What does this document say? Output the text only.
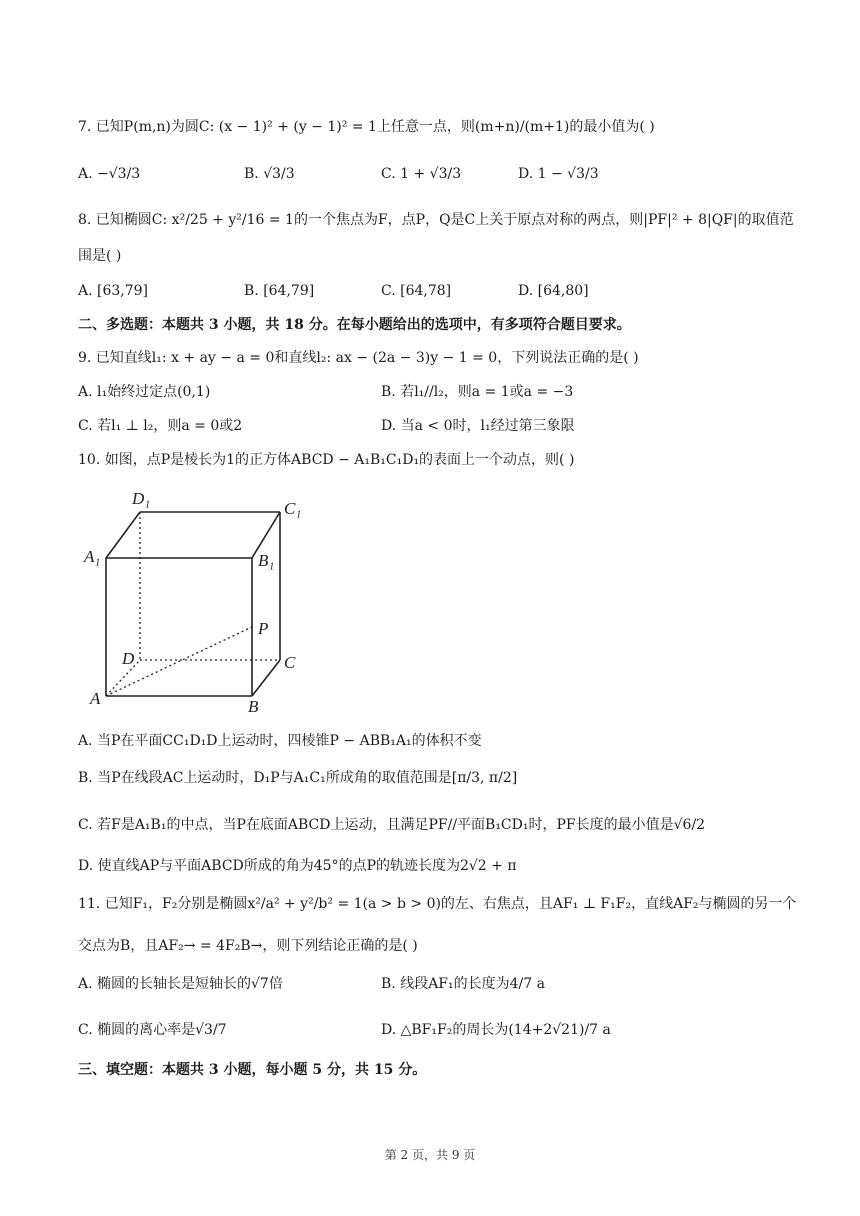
7. 已知P(m,n)为圆C: (x − 1)² + (y − 1)² = 1上任意一点，则(m+n)/(m+1)的最小值为( )
A. −√3/3	B. √3/3	C. 1 + √3/3	D. 1 − √3/3
8. 已知椭圆C: x²/25 + y²/16 = 1的一个焦点为F，点P，Q是C上关于原点对称的两点，则|PF|² + 8|QF|的取值范
围是( )
A. [63,79]	B. [64,79]	C. [64,78]	D. [64,80]
二、多选题：本题共 3 小题，共 18 分。在每小题给出的选项中，有多项符合题目要求。
9. 已知直线l₁: x + ay − a = 0和直线l₂: ax − (2a − 3)y − 1 = 0，下列说法正确的是( )
A. l₁始终过定点(0,1)	B. 若l₁//l₂，则a = 1或a = −3
C. 若l₁ ⊥ l₂，则a = 0或2	D. 当a < 0时，l₁经过第三象限
10. 如图，点P是棱长为1的正方体ABCD − A₁B₁C₁D₁的表面上一个动点，则( )
D₁
C₁
A₁	B₁
P
D	C
A	B
A. 当P在平面CC₁D₁D上运动时，四棱锥P − ABB₁A₁的体积不变
B. 当P在线段AC上运动时，D₁P与A₁C₁所成角的取值范围是[π/3, π/2]
C. 若F是A₁B₁的中点，当P在底面ABCD上运动，且满足PF//平面B₁CD₁时，PF长度的最小值是√6/2
D. 使直线AP与平面ABCD所成的角为45°的点P的轨迹长度为2√2 + π
11. 已知F₁，F₂分别是椭圆x²/a² + y²/b² = 1(a > b > 0)的左、右焦点，且AF₁ ⊥ F₁F₂，直线AF₂与椭圆的另一个
交点为B，且AF₂→ = 4F₂B→，则下列结论正确的是( )
A. 椭圆的长轴长是短轴长的√7倍	B. 线段AF₁的长度为4/7 a
C. 椭圆的离心率是√3/7	D. △BF₁F₂的周长为(14+2√21)/7 a
三、填空题：本题共 3 小题，每小题 5 分，共 15 分。
第 2 页，共 9 页
